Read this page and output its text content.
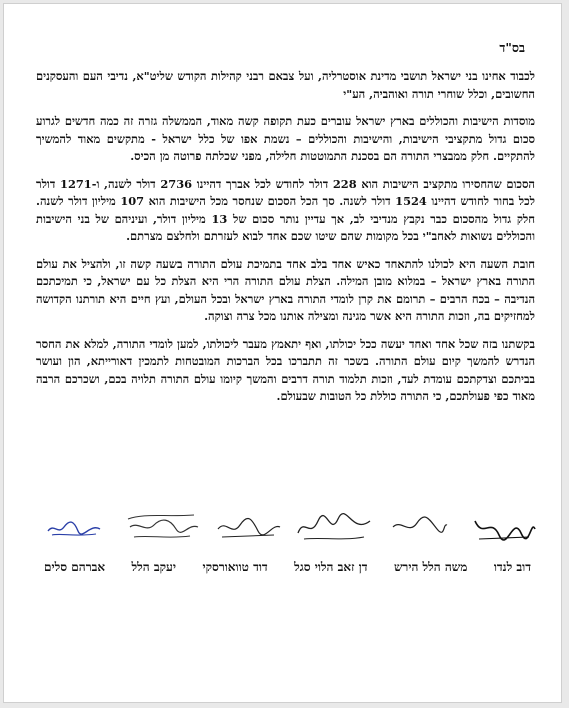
בס"ד

לכבוד אחינו בני ישראל תושבי מדינת אוסטרליה, ועל צבאם רבני קהילות הקודש שליט"א, נדיבי העם והעסקנים החשובים, וכלל שוחרי תורה ואוהביה, הע"י

מוסדות הישיבות והכוללים בארץ ישראל עוברים כעת תקופה קשה מאוד, הממשלה גזרה זה כמה חדשים לגרוע סכום גדול מתקציבי הישיבות, והישיבות והכוללים – נשמת אפו של כלל ישראל - מתקשים מאוד להמשיך להתקיים. חלק ממבצרי התורה הם בסכנת התמוטטות חלילה, מפני שכלתה פרוטה מן הכיס.

הסכום שהחסירו מתקציב הישיבות הוא 228 דולר לחודש לכל אברך דהיינו 2736 דולר לשנה, ו-1271 דולר לכל בחור לחודש דהיינו 1524 דולר לשנה. סך הכל הסכום שנחסר מכל הישיבות הוא 107 מיליון דולר לשנה. חלק גדול מהסכום כבר נקבץ מנדיבי לב, אך עדיין נותר סכום של 13 מיליון דולר, ועיניהם של בני הישיבות והכוללים נשואות לאחב"י בכל מקומות שהם שיטו שכם אחד לבוא לעזרתם ולחלצם מצרתם.

חובת השעה היא לכולנו להתאחד כאיש אחד בלב אחד בתמיכת עולם התורה בשעה קשה זו, ולהציל את עולם התורה בארץ ישראל – במלוא מובן המילה. הצלת עולם התורה הרי היא הצלת כל עם ישראל, כי תמיכתכם הנדיבה – בכח הרבים – תרומם את קרן לומדי התורה בארץ ישראל ובכל העולם, ועץ חיים היא תורתנו הקדושה למחזיקים בה, וזכות התורה היא אשר מגינה ומצילה אותנו מכל צרה וצוקה.

בקשתנו בזה שכל אחד ואחד יעשה ככל יכולתו, ואף יתאמץ מעבר ליכולתו, למען לומדי התורה, למלא את החסר הנדרש להמשך קיום עולם התורה. בשכר זה תתברכו בכל הברכות המובטחות לתמכין דאורייתא, הון ועושר בביתכם וצדקתכם עומדת לעד, וזכות תלמוד תורה דרבים והמשך קיומו עולם התורה תלויה בכם, ושכרכם הרבה מאוד כפי פעולתכם, כי התורה כוללת כל הטובות שבעולם.

דוב לנדו
משה הלל הירש
דן זאב הלוי סגל
דוד טוואורסקי
יעקב הלל
אברהם סלים
